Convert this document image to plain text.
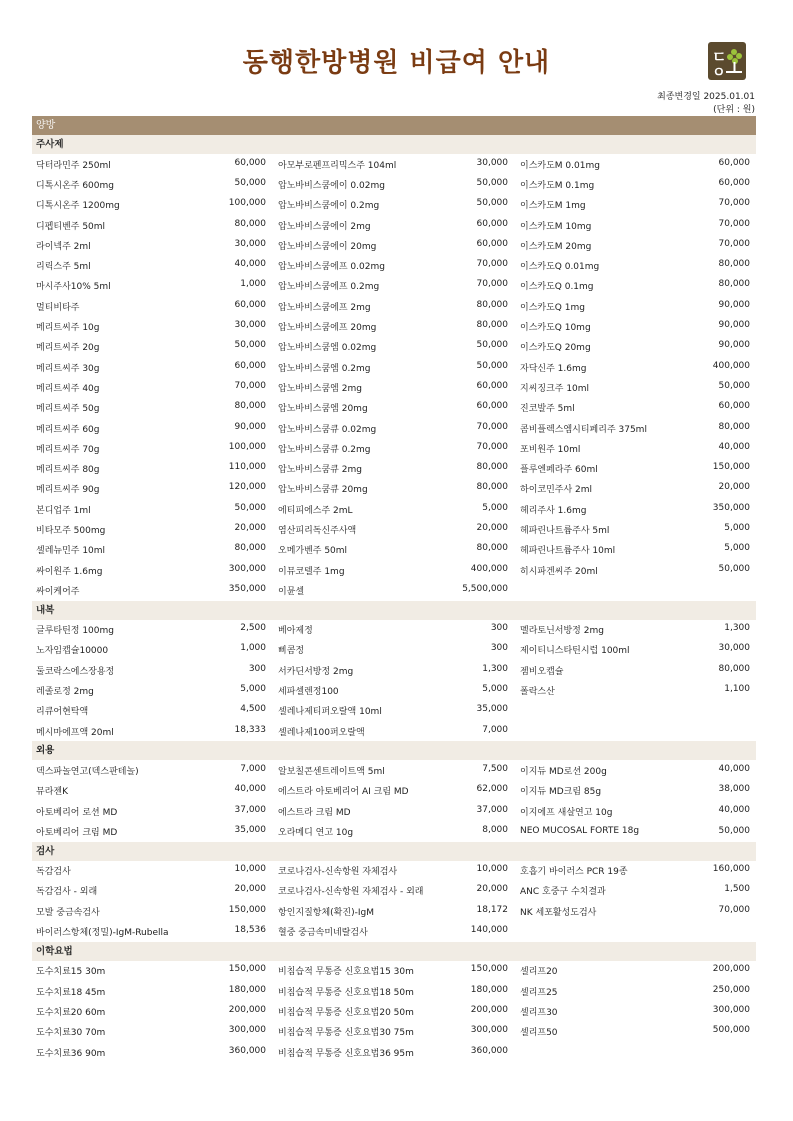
동행한방병원 비급여 안내	ㄷ
ㅇ
최종변경일 2025.01.01
(단위 : 원)
양방
주사제
닥터라민주 250ml	60,000 아모부로펜프리믹스주 104ml	30,000 이스카도M 0.01mg	60,000
디톡시온주 600mg	50,000 압노바비스쿰에이 0.02mg	50,000 이스카도M 0.1mg	60,000
디톡시온주 1200mg	100,000 압노바비스쿰에이 0.2mg	50,000 이스카도M 1mg	70,000
디펩티벤주 50ml	80,000 압노바비스쿰에이 2mg	60,000 이스카도M 10mg	70,000
라이넥주 2ml	30,000 압노바비스쿰에이 20mg	60,000 이스카도M 20mg	70,000
리릭스주 5ml	40,000 압노바비스쿰에프 0.02mg	70,000 이스카도Q 0.01mg	80,000
마시주사10% 5ml	1,000 압노바비스쿰에프 0.2mg	70,000 이스카도Q 0.1mg	80,000
멀티비타주	60,000 압노바비스쿰에프 2mg	80,000 이스카도Q 1mg	90,000
메리트씨주 10g	30,000 압노바비스쿰에프 20mg	80,000 이스카도Q 10mg	90,000
메리트씨주 20g	50,000 압노바비스쿰엠 0.02mg	50,000 이스카도Q 20mg	90,000
메리트씨주 30g	60,000 압노바비스쿰엠 0.2mg	50,000 자닥신주 1.6mg	400,000
메리트씨주 40g	70,000 압노바비스쿰엠 2mg	60,000 지씨징크주 10ml	50,000
메리트씨주 50g	80,000 압노바비스쿰엠 20mg	60,000 진코발주 5ml	60,000
메리트씨주 60g	90,000 압노바비스쿰큐 0.02mg	70,000 콤비플렉스엠시티페리주 375ml	80,000
메리트씨주 70g	100,000 압노바비스쿰큐 0.2mg	70,000 포비원주 10ml	40,000
메리트씨주 80g	110,000 압노바비스쿰큐 2mg	80,000 플루엔페라주 60ml	150,000
메리트씨주 90g	120,000 압노바비스쿰큐 20mg	80,000 하이코민주사 2ml	20,000
본디업주 1ml	50,000 에티피에스주 2mL	5,000 헤리주사 1.6mg	350,000
비타모주 500mg	20,000 염산피리독신주사액	20,000 헤파린나트륨주사 5ml	5,000
셀레뉴민주 10ml	80,000 오메가벤주 50ml	80,000 헤파린나트륨주사 10ml	5,000
싸이원주 1.6mg	300,000 이뮤코텔주 1mg	400,000 히시파겐씨주 20ml	50,000
싸이케어주	350,000 이뮨셀	5,500,000
내복
글루타틴정 100mg	2,500 베아제정	300 멜라토닌서방정 2mg	1,300
노자임캡슐10000	1,000 삐콤정	300 제이티니스타틴시럽 100ml	30,000
둘코락스에스장용정	300 서카딘서방정 2mg	1,300 젬비오캡슐	80,000
레졸로정 2mg	5,000 세파셀렌정100	5,000 폴락스산	1,100
리큐어현탁액	4,500 셀레나제티퍼오랄액 10ml	35,000
메시마에프액 20ml	18,333 셀레나제100퍼오랄액	7,000
외용
덱스파놀연고(덱스판테놀)	7,000 알보칠콘센트레이트액 5ml	7,500 이지듀 MD로션 200g	40,000
뮤라젠K	40,000 에스트라 아토베리어 AI 크림 MD	62,000 이지듀 MD크림 85g	38,000
아토베리어 로션 MD	37,000 에스트라 크림 MD	37,000 이지에프 새살연고 10g	40,000
아토베리어 크림 MD	35,000 오라메디 연고 10g	8,000 NEO MUCOSAL FORTE 18g	50,000
검사
독감검사	10,000 코로나검사-신속항원 자체검사	10,000 호흡기 바이러스 PCR 19종	160,000
독감검사 - 외래	20,000 코로나검사-신속항원 자체검사 - 외래	20,000 ANC 호중구 수치결과	1,500
모발 중금속검사	150,000 항인지질항체(확진)-IgM	18,172 NK 세포활성도검사	70,000
바이러스항체(정밀)-IgM-Rubella	18,536 혈중 중금속미네랄검사	140,000
이학요법
도수치료15 30m	150,000 비침습적 무통증 신호요법15 30m	150,000 셀리프20	200,000
도수치료18 45m	180,000 비침습적 무통증 신호요법18 50m	180,000 셀리프25	250,000
도수치료20 60m	200,000 비침습적 무통증 신호요법20 50m	200,000 셀리프30	300,000
도수치료30 70m	300,000 비침습적 무통증 신호요법30 75m	300,000 셀리프50	500,000
도수치료36 90m	360,000 비침습적 무통증 신호요법36 95m	360,000
